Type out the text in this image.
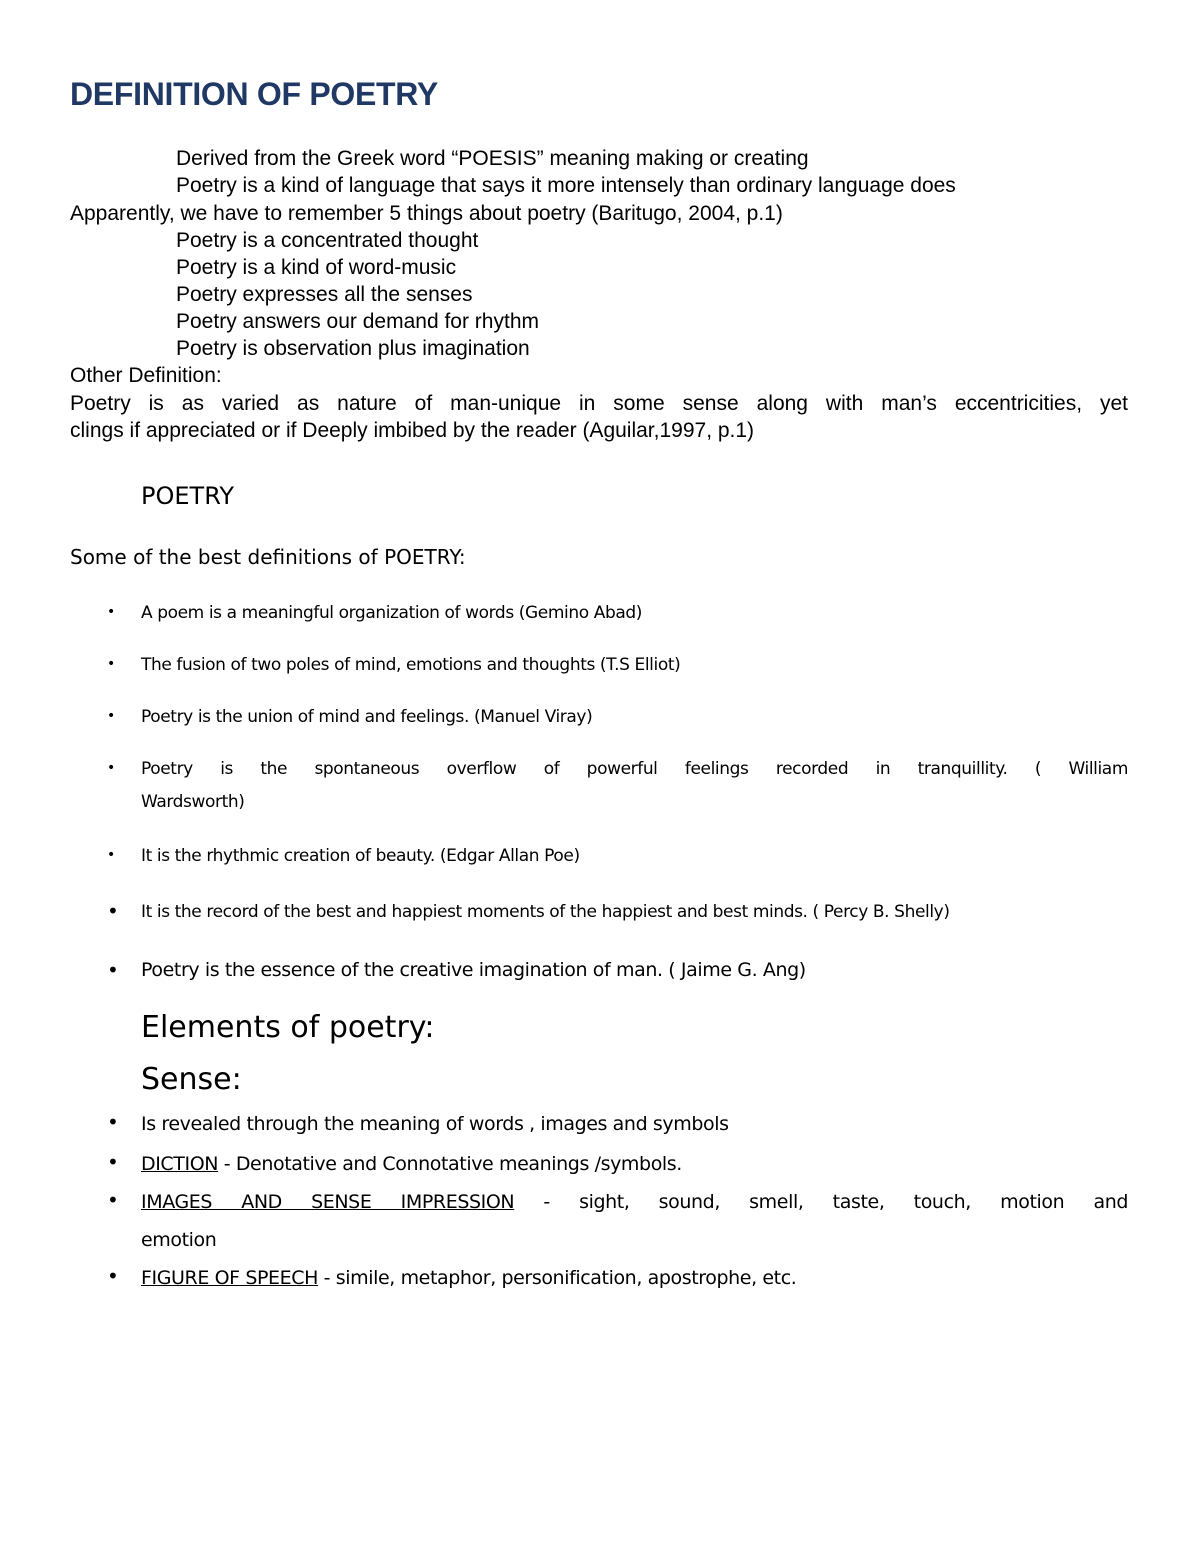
DEFINITION OF POETRY
Derived from the Greek word “POESIS” meaning making or creating
Poetry is a kind of language that says it more intensely than ordinary language does
Apparently, we have to remember 5 things about poetry (Baritugo, 2004, p.1)
Poetry is a concentrated thought
Poetry is a kind of word-music
Poetry expresses all the senses
Poetry answers our demand for rhythm
Poetry is observation plus imagination
Other Definition:
Poetry is as varied as nature of man-unique in some sense along with man’s eccentricities, yet
clings if appreciated or if Deeply imbibed by the reader (Aguilar,1997, p.1)
POETRY
Some of the best definitions of POETRY:
• A poem is a meaningful organization of words (Gemino Abad)
• The fusion of two poles of mind, emotions and thoughts (T.S Elliot)
• Poetry is the union of mind and feelings. (Manuel Viray)
• Poetry is the spontaneous overflow of powerful feelings recorded in tranquillity. ( William
Wardsworth)
• It is the rhythmic creation of beauty. (Edgar Allan Poe)
• It is the record of the best and happiest moments of the happiest and best minds. ( Percy B. Shelly)
• Poetry is the essence of the creative imagination of man. ( Jaime G. Ang)
Elements of poetry:
Sense:
• Is revealed through the meaning of words , images and symbols
• DICTION - Denotative and Connotative meanings /symbols.
• IMAGES AND SENSE IMPRESSION - sight, sound, smell, taste, touch, motion and
emotion
• FIGURE OF SPEECH - simile, metaphor, personification, apostrophe, etc.
